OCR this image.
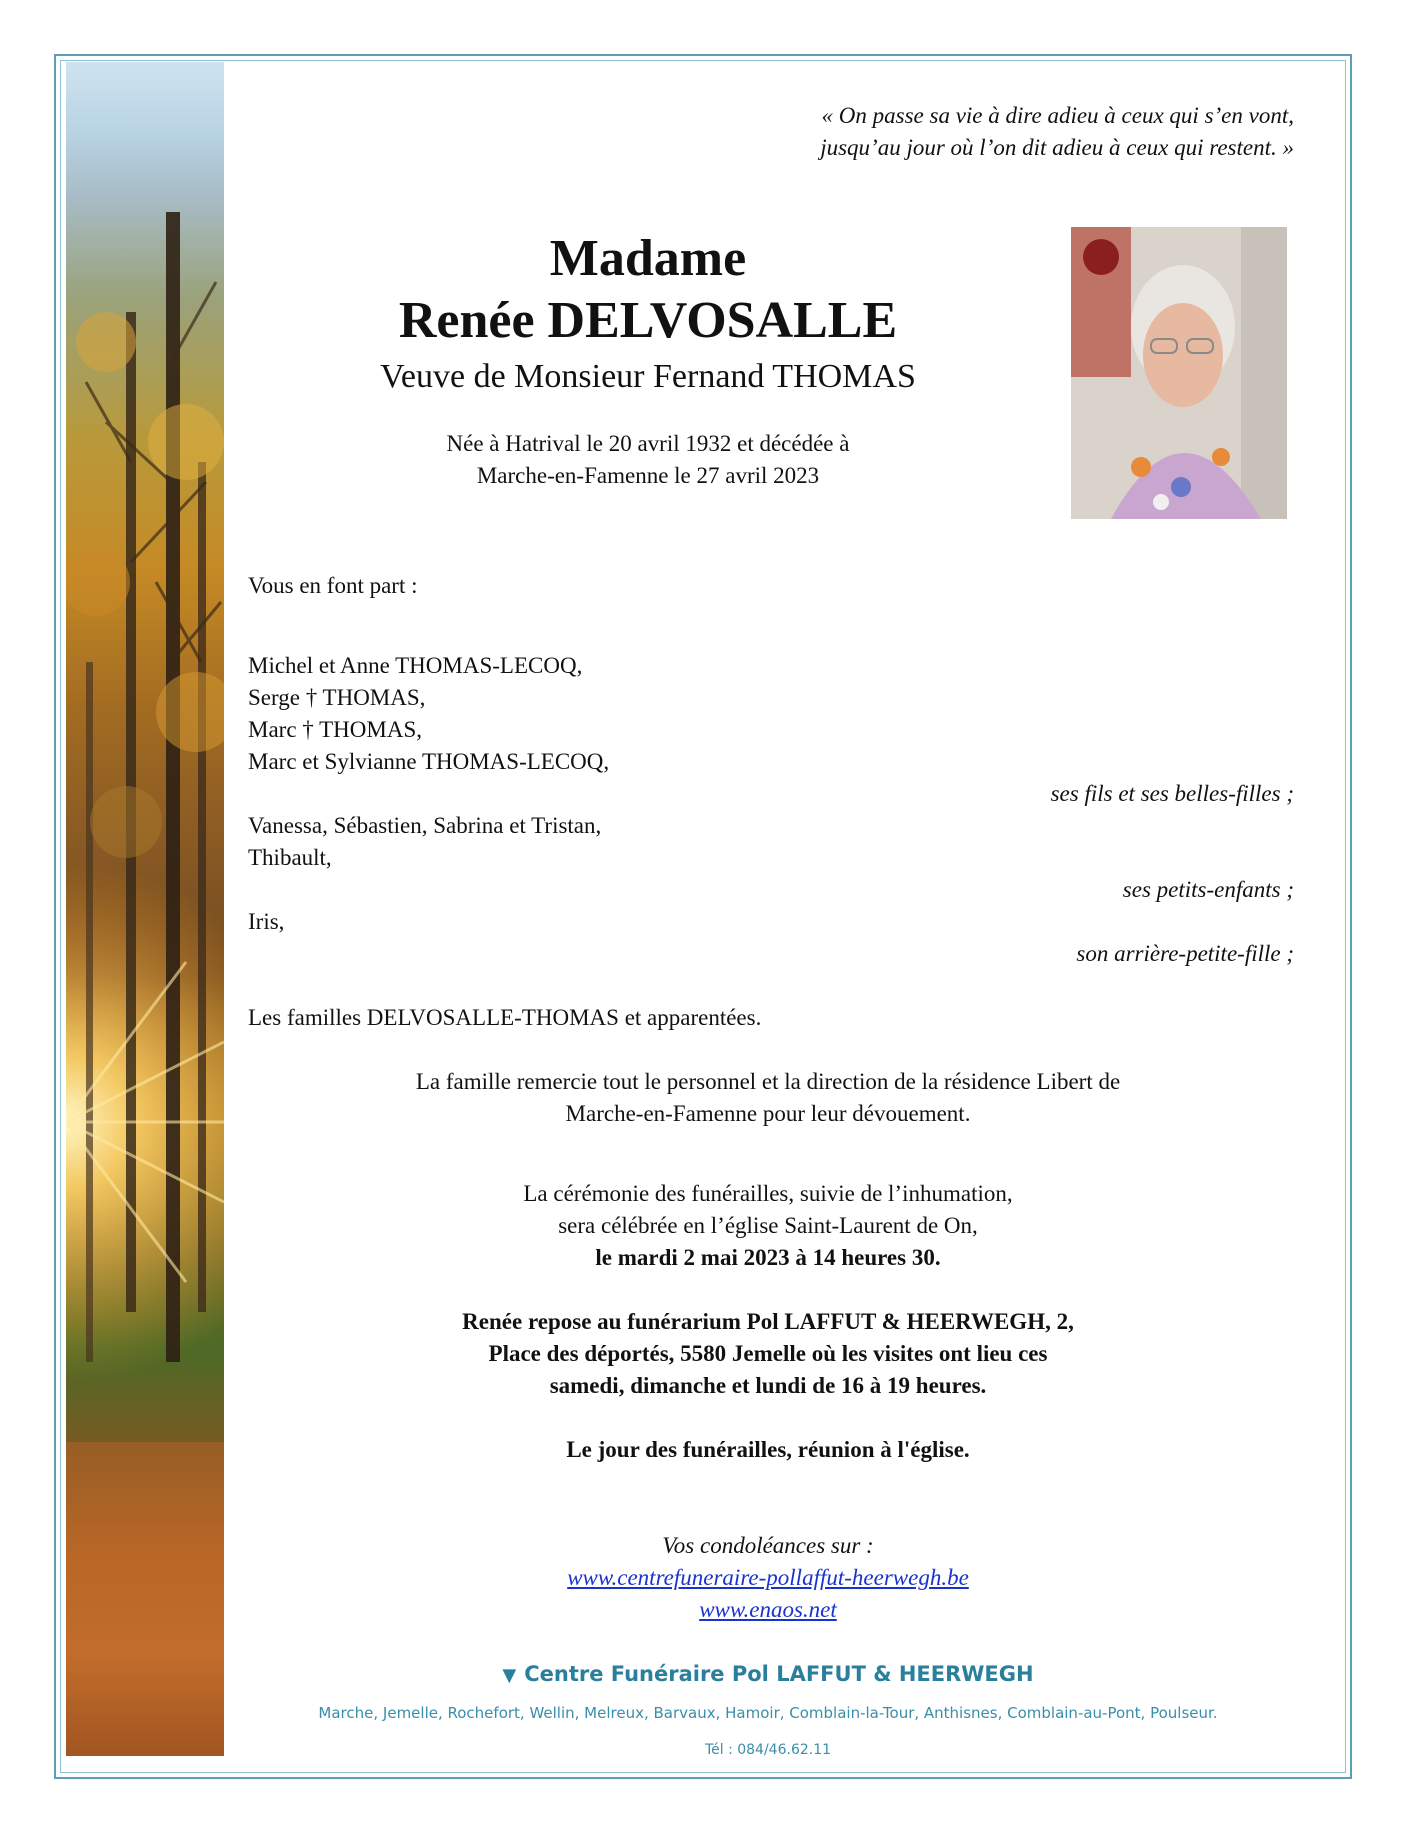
« On passe sa vie à dire adieu à ceux qui s’en vont,
jusqu’au jour où l’on dit adieu à ceux qui restent. »
Madame
Renée DELVOSALLE
Veuve de Monsieur Fernand THOMAS
Née à Hatrival le 20 avril 1932 et décédée à
Marche-en-Famenne le 27 avril 2023
Vous en font part :
Michel et Anne THOMAS-LECOQ,
Serge † THOMAS,
Marc † THOMAS,
Marc et Sylvianne THOMAS-LECOQ,
ses fils et ses belles-filles ;
Vanessa, Sébastien, Sabrina et Tristan,
Thibault,
ses petits-enfants ;
Iris,
son arrière-petite-fille ;
Les familles DELVOSALLE-THOMAS et apparentées.
La famille remercie tout le personnel et la direction de la résidence Libert de
Marche-en-Famenne pour leur dévouement.
La cérémonie des funérailles, suivie de l’inhumation,
sera célébrée en l’église Saint-Laurent de On,
le mardi 2 mai 2023 à 14 heures 30.
Renée repose au funérarium Pol LAFFUT & HEERWEGH, 2,
Place des déportés, 5580 Jemelle où les visites ont lieu ces
samedi, dimanche et lundi de 16 à 19 heures.
Le jour des funérailles, réunion à l'église.
Vos condoléances sur :
www.centrefuneraire-pollaffut-heerwegh.be
www.enaos.net
▼ Centre Funéraire Pol LAFFUT & HEERWEGH
Marche, Jemelle, Rochefort, Wellin, Melreux, Barvaux, Hamoir, Comblain-la-Tour, Anthisnes, Comblain-au-Pont, Poulseur.
Tél : 084/46.62.11
